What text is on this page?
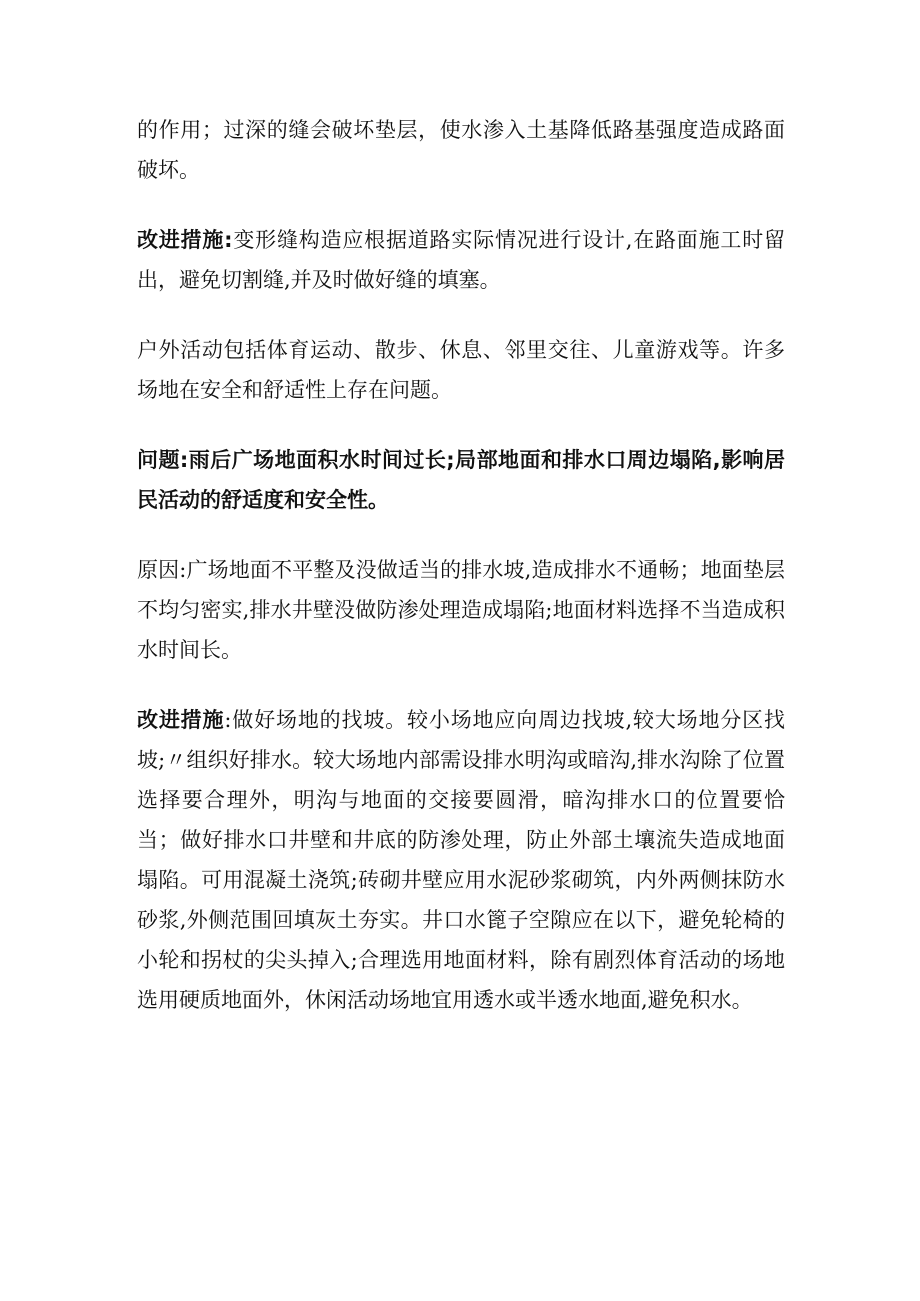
的作用；过深的缝会破坏垫层，使水渗入土基降低路基强度造成路面破坏。

改进措施:变形缝构造应根据道路实际情况进行设计,在路面施工时留出，避免切割缝,并及时做好缝的填塞。

户外活动包括体育运动、散步、休息、邻里交往、儿童游戏等。许多场地在安全和舒适性上存在问题。

问题:雨后广场地面积水时间过长;局部地面和排水口周边塌陷,影响居民活动的舒适度和安全性。

原因:广场地面不平整及没做适当的排水坡,造成排水不通畅；地面垫层不均匀密实,排水井壁没做防渗处理造成塌陷;地面材料选择不当造成积水时间长。

改进措施:做好场地的找坡。较小场地应向周边找坡,较大场地分区找坡;〃组织好排水。较大场地内部需设排水明沟或暗沟,排水沟除了位置选择要合理外，明沟与地面的交接要圆滑，暗沟排水口的位置要恰当；做好排水口井壁和井底的防渗处理，防止外部土壤流失造成地面塌陷。可用混凝土浇筑;砖砌井壁应用水泥砂浆砌筑，内外两侧抹防水砂浆,外侧范围回填灰土夯实。井口水篦子空隙应在以下，避免轮椅的小轮和拐杖的尖头掉入;合理选用地面材料，除有剧烈体育活动的场地选用硬质地面外，休闲活动场地宜用透水或半透水地面,避免积水。
